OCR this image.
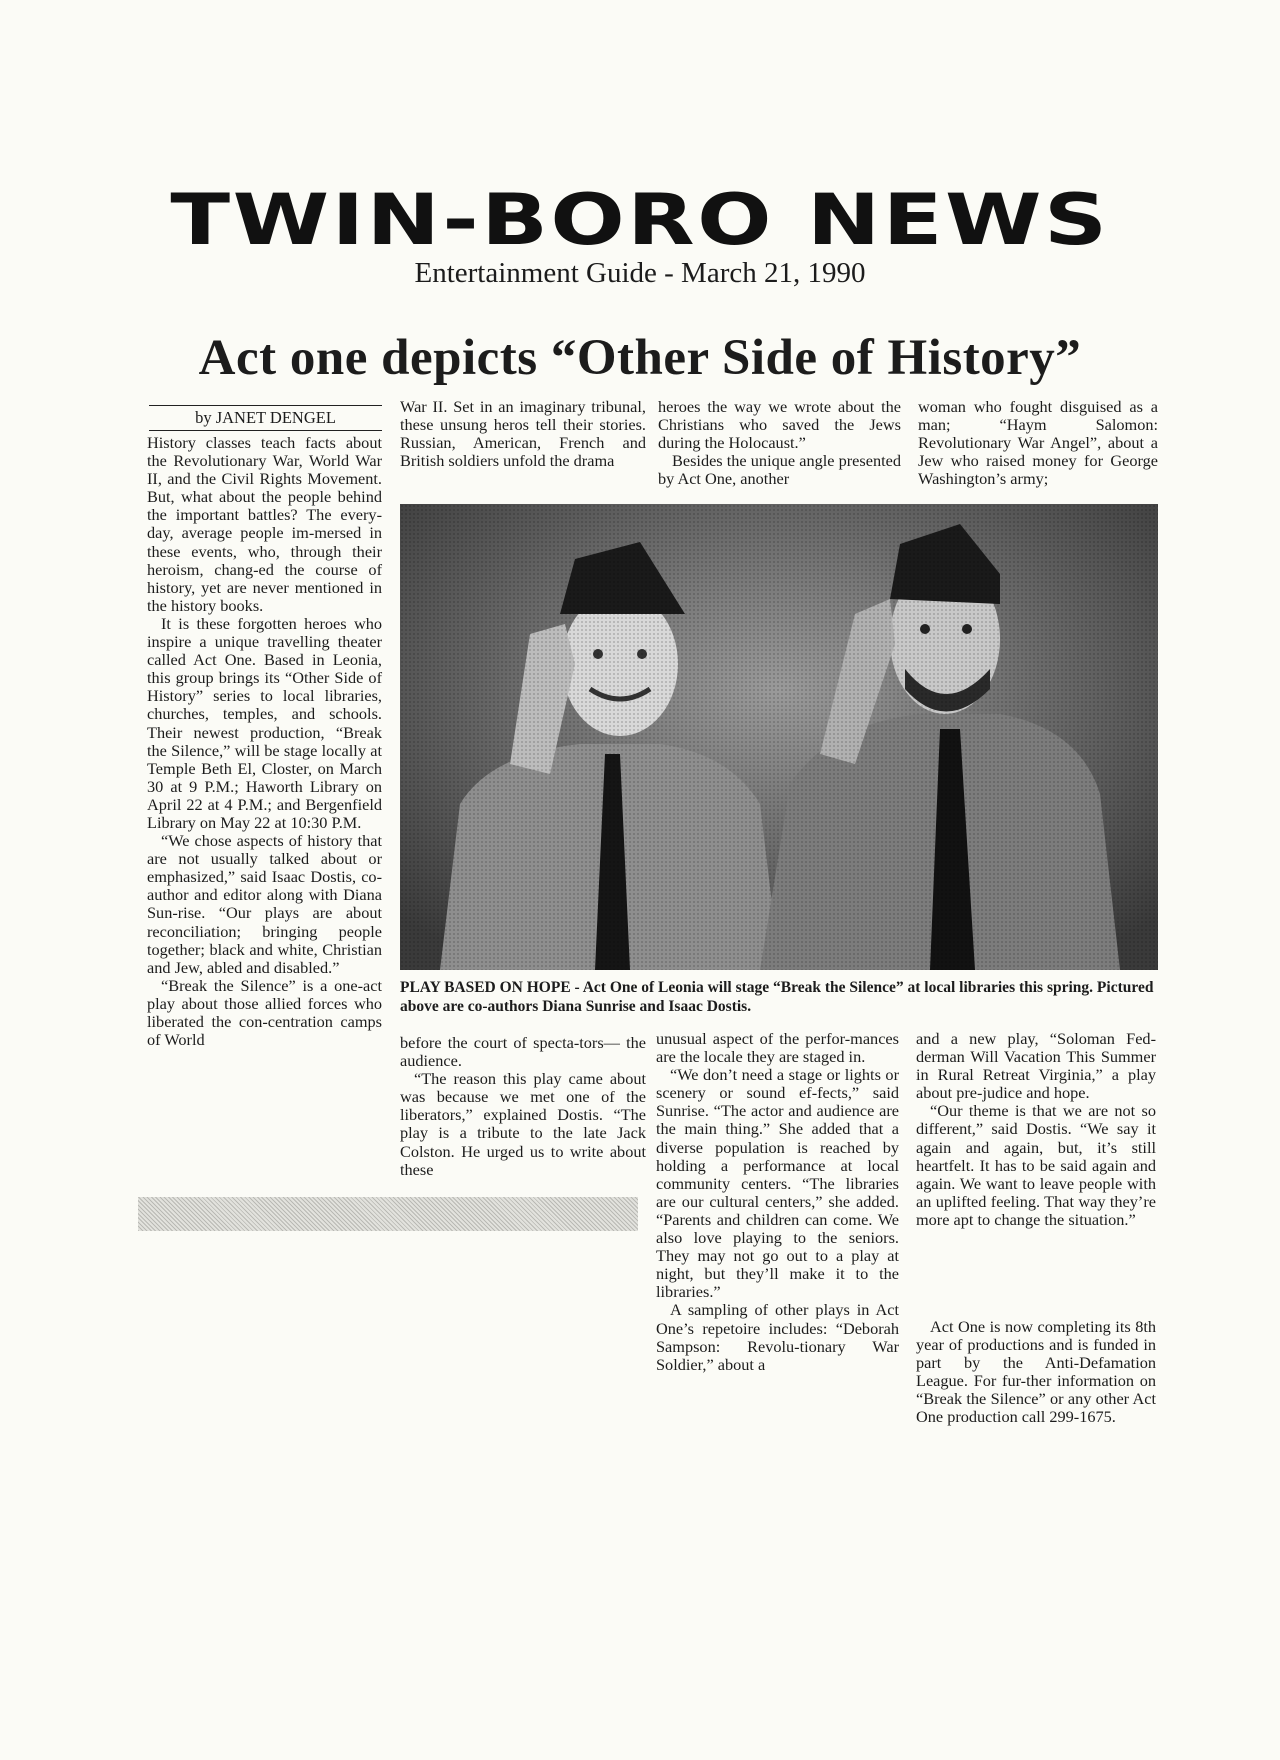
TWIN-BORO NEWS
Entertainment Guide - March 21, 1990
Act one depicts “Other Side of History”
by JANET DENGEL

History classes teach facts about the Revolutionary War, World War II, and the Civil Rights Movement. But, what about the people behind the important battles? The every-day, average people im-mersed in these events, who, through their heroism, chang-ed the course of history, yet are never mentioned in the history books.

It is these forgotten heroes who inspire a unique travelling theater called Act One. Based in Leonia, this group brings its “Other Side of History” series to local libraries, churches, temples, and schools. Their newest production, “Break the Silence,” will be stage locally at Temple Beth El, Closter, on March 30 at 9 P.M.; Haworth Library on April 22 at 4 P.M.; and Bergenfield Library on May 22 at 10:30 P.M.

“We chose aspects of history that are not usually talked about or emphasized,” said Isaac Dostis, co-author and editor along with Diana Sun-rise. “Our plays are about reconciliation; bringing people together; black and white, Christian and Jew, abled and disabled.”

“Break the Silence” is a one-act play about those allied forces who liberated the con-centration camps of World

War II. Set in an imaginary tribunal, these unsung heros tell their stories. Russian, American, French and British soldiers unfold the drama

heroes the way we wrote about the Christians who saved the Jews during the Holocaust.”

Besides the unique angle presented by Act One, another

woman who fought disguised as a man; “Haym Salomon: Revolutionary War Angel”, about a Jew who raised money for George Washington’s army;

PLAY BASED ON HOPE - Act One of Leonia will stage “Break the Silence” at local libraries this spring. Pictured above are co-authors Diana Sunrise and Isaac Dostis.

before the court of specta-tors— the audience.

“The reason this play came about was because we met one of the liberators,” explained Dostis. “The play is a tribute to the late Jack Colston. He urged us to write about these

unusual aspect of the perfor-mances are the locale they are staged in.

“We don’t need a stage or lights or scenery or sound ef-fects,” said Sunrise. “The actor and audience are the main thing.” She added that a diverse population is reached by holding a performance at local community centers. “The libraries are our cultural centers,” she added. “Parents and children can come. We also love playing to the seniors. They may not go out to a play at night, but they’ll make it to the libraries.”

A sampling of other plays in Act One’s repetoire includes: “Deborah Sampson: Revolu-tionary War Soldier,” about a

and a new play, “Soloman Fed-derman Will Vacation This Summer in Rural Retreat Virginia,” a play about pre-judice and hope.

“Our theme is that we are not so different,” said Dostis. “We say it again and again, but, it’s still heartfelt. It has to be said again and again. We want to leave people with an uplifted feeling. That way they’re more apt to change the situation.”

Act One is now completing its 8th year of productions and is funded in part by the Anti-Defamation League. For fur-ther information on “Break the Silence” or any other Act One production call 299-1675.
